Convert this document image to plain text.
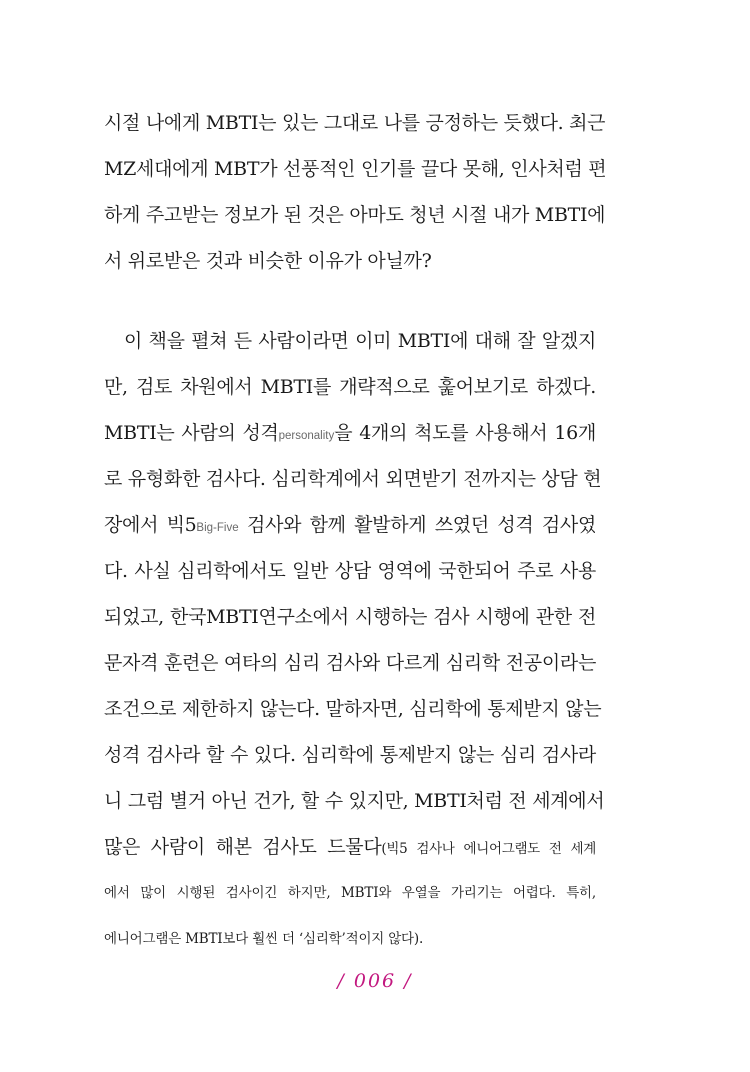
시절 나에게 MBTI는 있는 그대로 나를 긍정하는 듯했다. 최근
MZ세대에게 MBT가 선풍적인 인기를 끌다 못해, 인사처럼 편
하게 주고받는 정보가 된 것은 아마도 청년 시절 내가 MBTI에
서 위로받은 것과 비슷한 이유가 아닐까?
이 책을 펼쳐 든 사람이라면 이미 MBTI에 대해 잘 알겠지
만, 검토 차원에서 MBTI를 개략적으로 훑어보기로 하겠다.
MBTI는 사람의 성격personality을 4개의 척도를 사용해서 16개
로 유형화한 검사다. 심리학계에서 외면받기 전까지는 상담 현
장에서 빅5Big-Five 검사와 함께 활발하게 쓰였던 성격 검사였
다. 사실 심리학에서도 일반 상담 영역에 국한되어 주로 사용
되었고, 한국MBTI연구소에서 시행하는 검사 시행에 관한 전
문자격 훈련은 여타의 심리 검사와 다르게 심리학 전공이라는
조건으로 제한하지 않는다. 말하자면, 심리학에 통제받지 않는
성격 검사라 할 수 있다. 심리학에 통제받지 않는 심리 검사라
니 그럼 별거 아닌 건가, 할 수 있지만, MBTI처럼 전 세계에서
많은 사람이 해본 검사도 드물다(빅5 검사나 에니어그램도 전 세계
에서 많이 시행된 검사이긴 하지만, MBTI와 우열을 가리기는 어렵다. 특히,
에니어그램은 MBTI보다 훨씬 더 ‘심리학’적이지 않다).
/ 006 /
